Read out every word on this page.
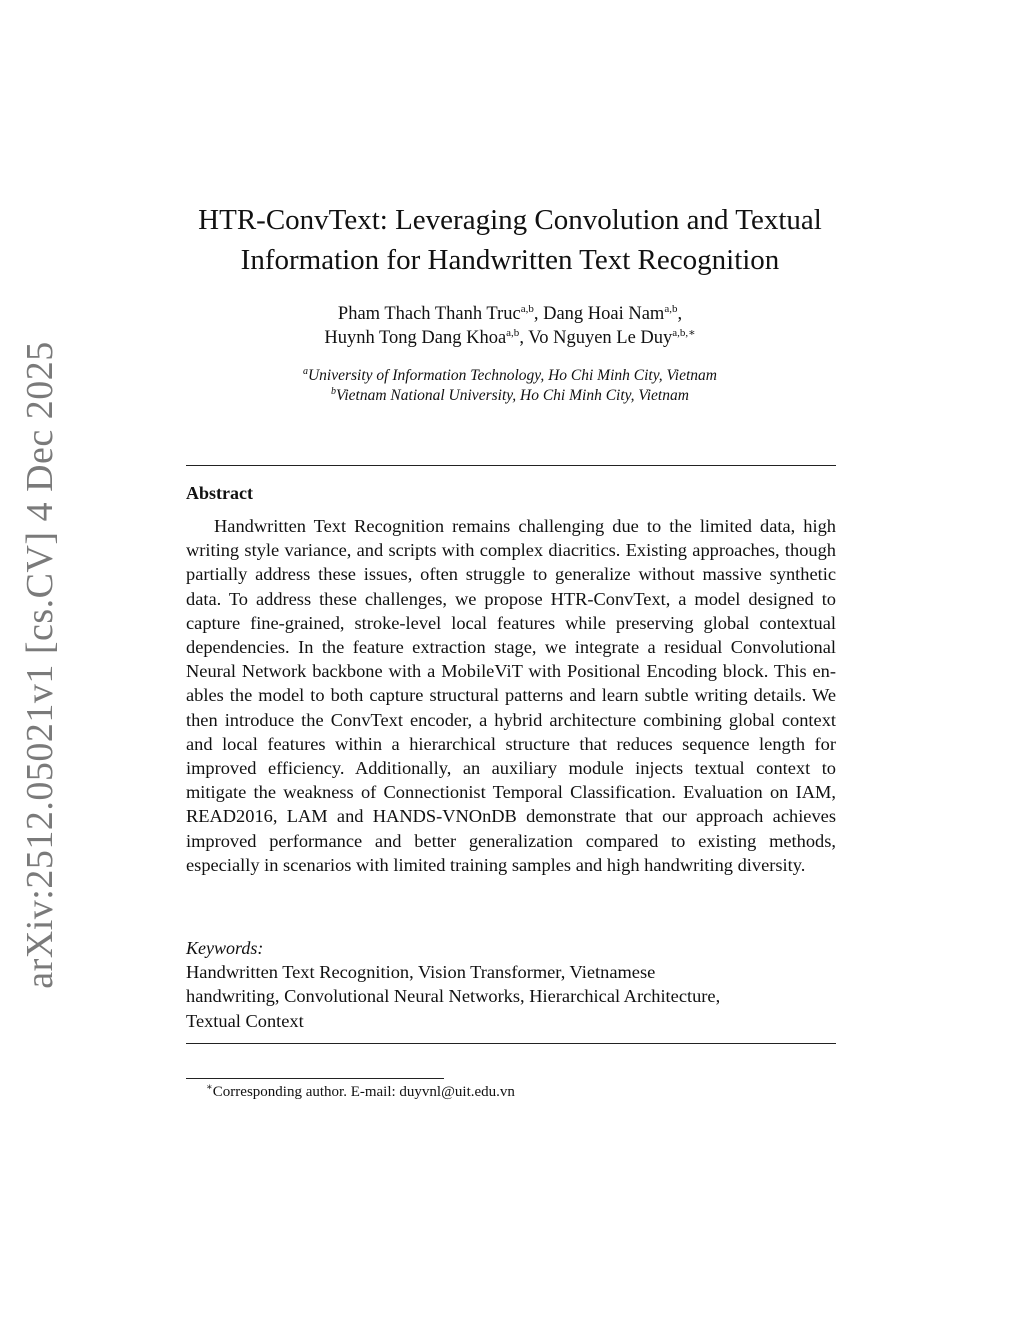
arXiv:2512.05021v1 [cs.CV] 4 Dec 2025
HTR-ConvText: Leveraging Convolution and Textual
Information for Handwritten Text Recognition
Pham Thach Thanh Truc$^{a,b}$, Dang Hoai Nam$^{a,b}$,
Huynh Tong Dang Khoa$^{a,b}$, Vo Nguyen Le Duy$^{a,b,∗}$
$^a$University of Information Technology, Ho Chi Minh City, Vietnam
$^b$Vietnam National University, Ho Chi Minh City, Vietnam
Abstract

Handwritten Text Recognition remains challenging due to the limited data, high writing style variance, and scripts with complex diacritics. Existing approaches, though partially address these issues, often struggle to generalize without massive synthetic data. To address these challenges, we propose HTR-ConvText, a model designed to capture fine-grained, stroke-level local features while preserving global contextual dependencies. In the feature extraction stage, we integrate a residual Convolutional Neural Network backbone with a MobileViT with Positional Encoding block. This enables the model to both capture structural patterns and learn subtle writing details. We then introduce the ConvText encoder, a hybrid architecture combining global context and local features within a hierarchical structure that reduces sequence length for improved efficiency. Additionally, an auxiliary module injects textual context to mitigate the weakness of Connectionist Temporal Classification. Evaluation on IAM, READ2016, LAM and HANDS-VNOnDB demonstrate that our approach achieves improved performance and better generalization compared to existing methods, especially in scenarios with limited training samples and high handwriting diversity.

Keywords:
Handwritten Text Recognition, Vision Transformer, Vietnamese
handwriting, Convolutional Neural Networks, Hierarchical Architecture,
Textual Context
∗Corresponding author. E-mail: duyvnl@uit.edu.vn
